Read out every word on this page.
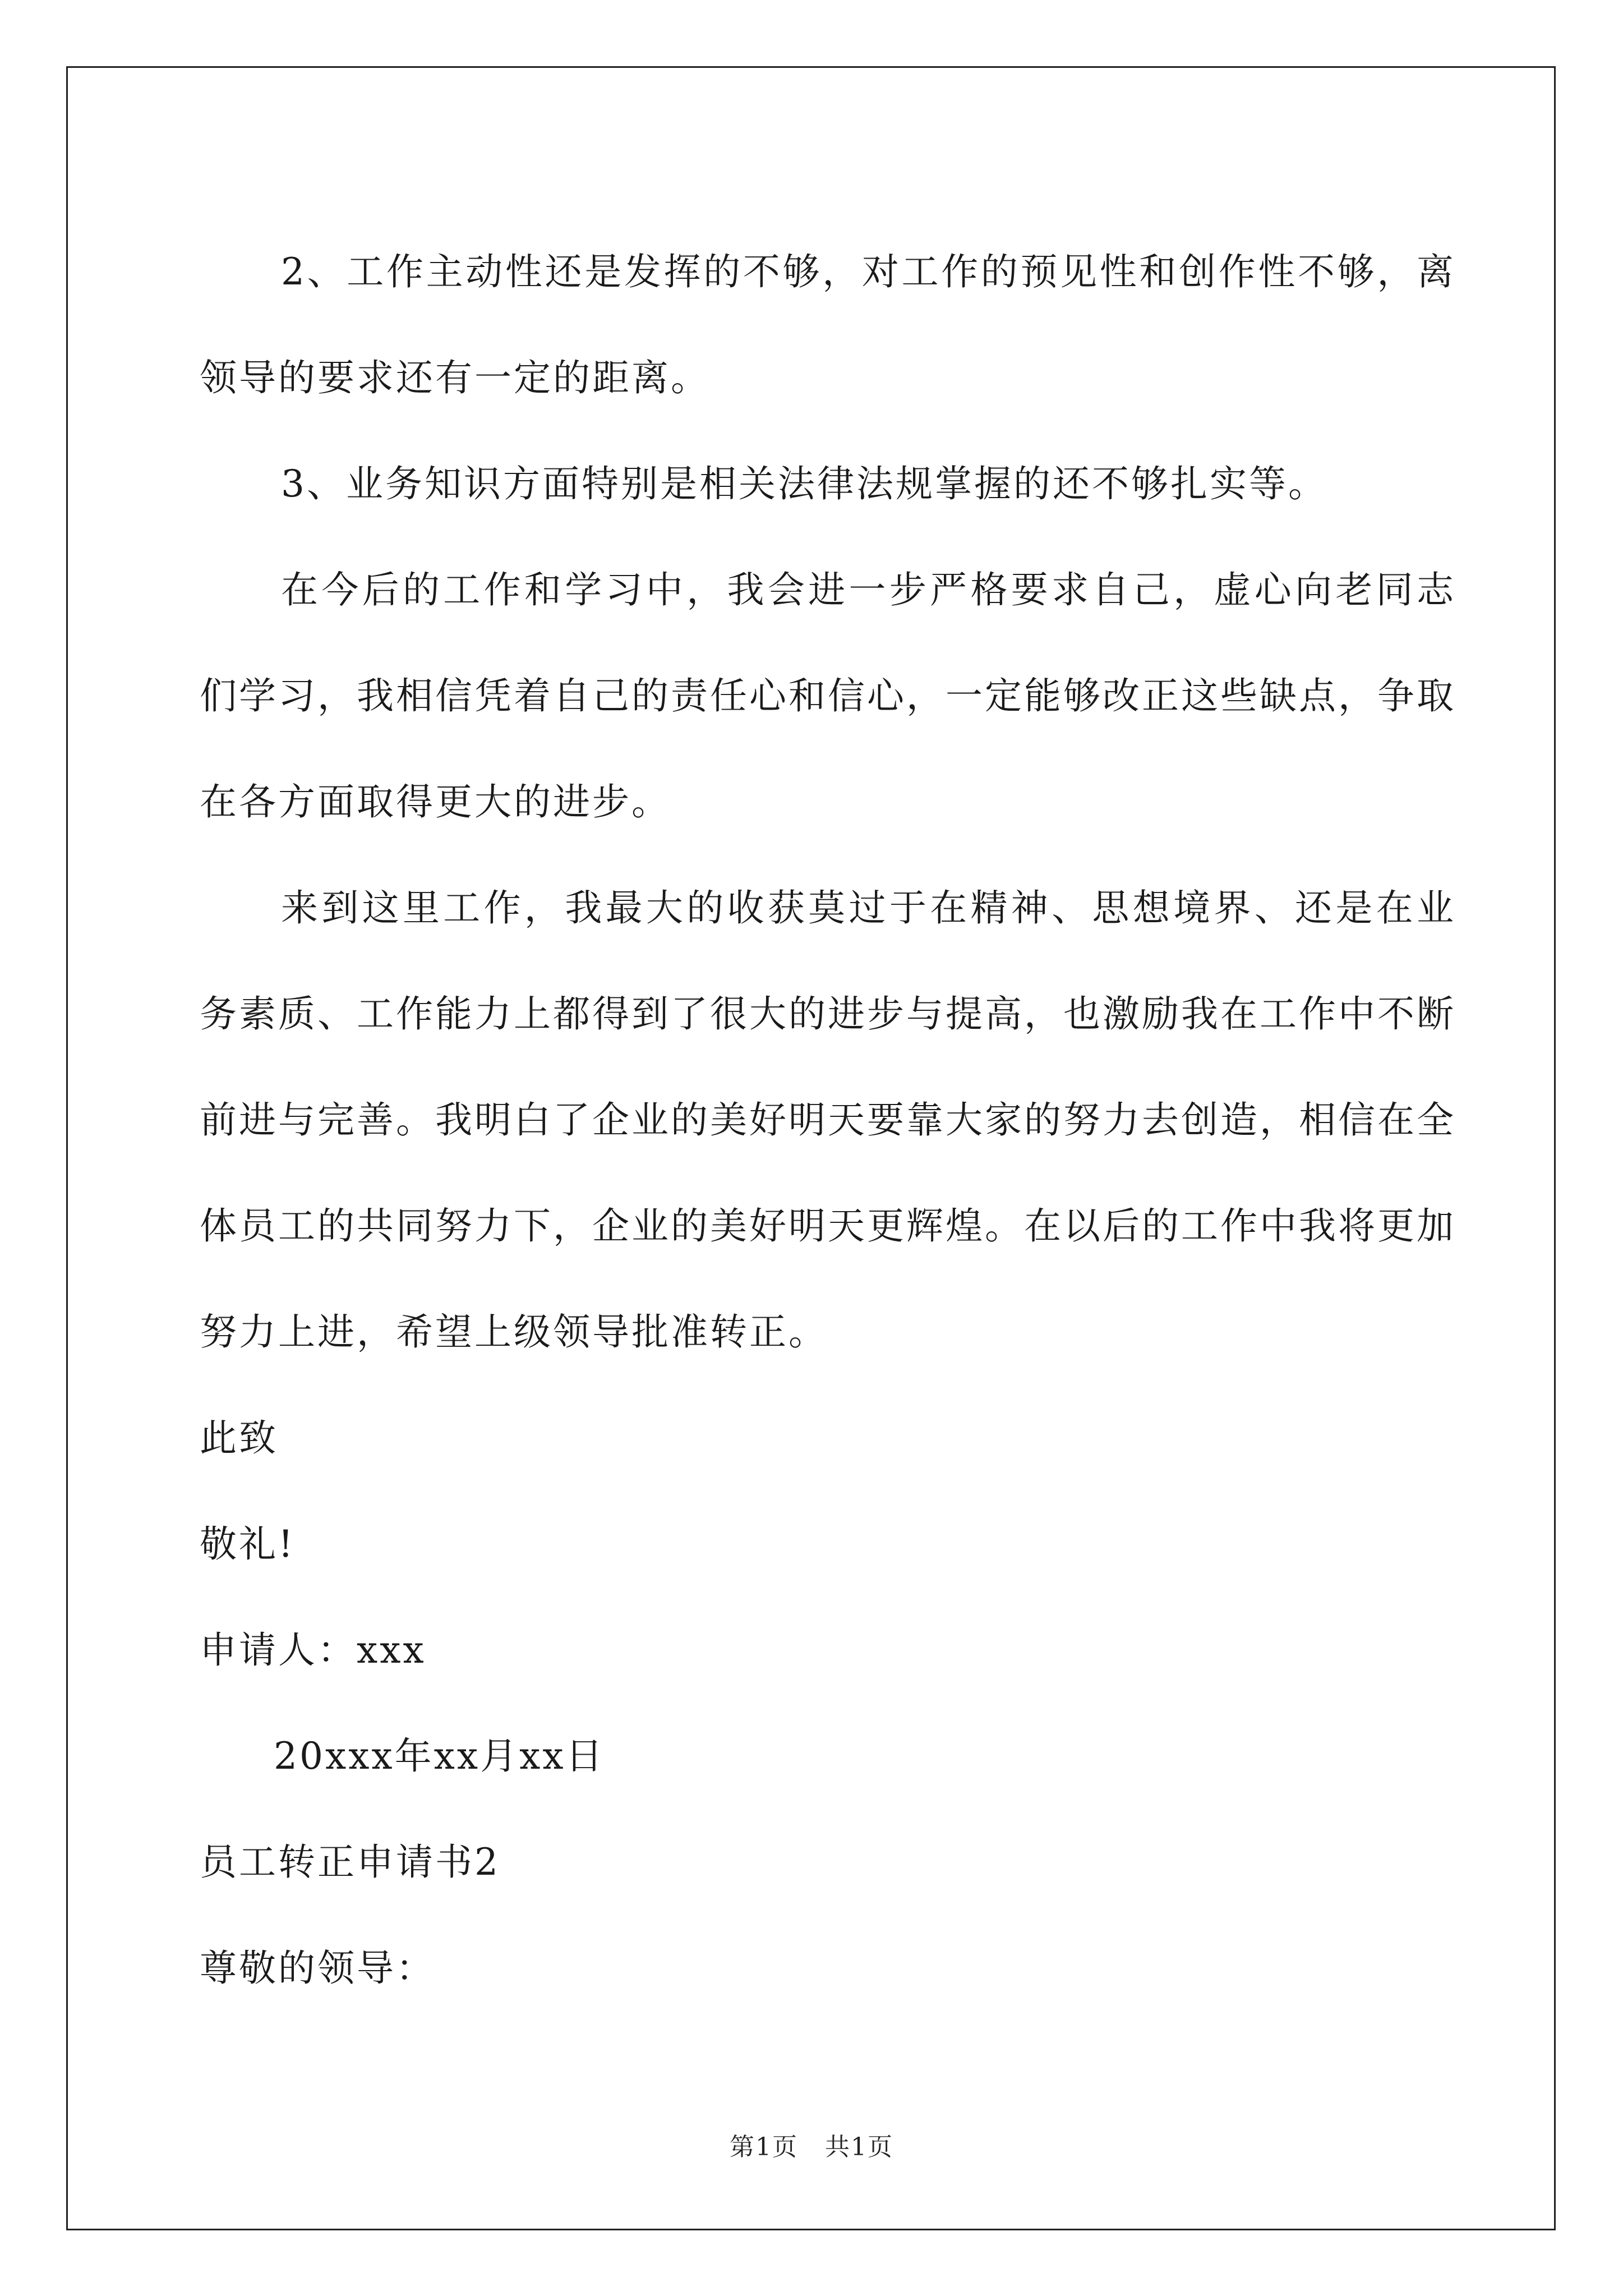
2、工作主动性还是发挥的不够，对工作的预见性和创作性不够，离领导的要求还有一定的距离。

3、业务知识方面特别是相关法律法规掌握的还不够扎实等。

在今后的工作和学习中，我会进一步严格要求自己，虚心向老同志们学习，我相信凭着自己的责任心和信心，一定能够改正这些缺点，争取在各方面取得更大的进步。

来到这里工作，我最大的收获莫过于在精神、思想境界、还是在业务素质、工作能力上都得到了很大的进步与提高，也激励我在工作中不断前进与完善。我明白了企业的美好明天要靠大家的努力去创造，相信在全体员工的共同努力下，企业的美好明天更辉煌。在以后的工作中我将更加努力上进，希望上级领导批准转正。

此致

敬礼!

申请人：xxx

20xxx年xx月xx日

员工转正申请书2

尊敬的领导：

第1页   共1页
